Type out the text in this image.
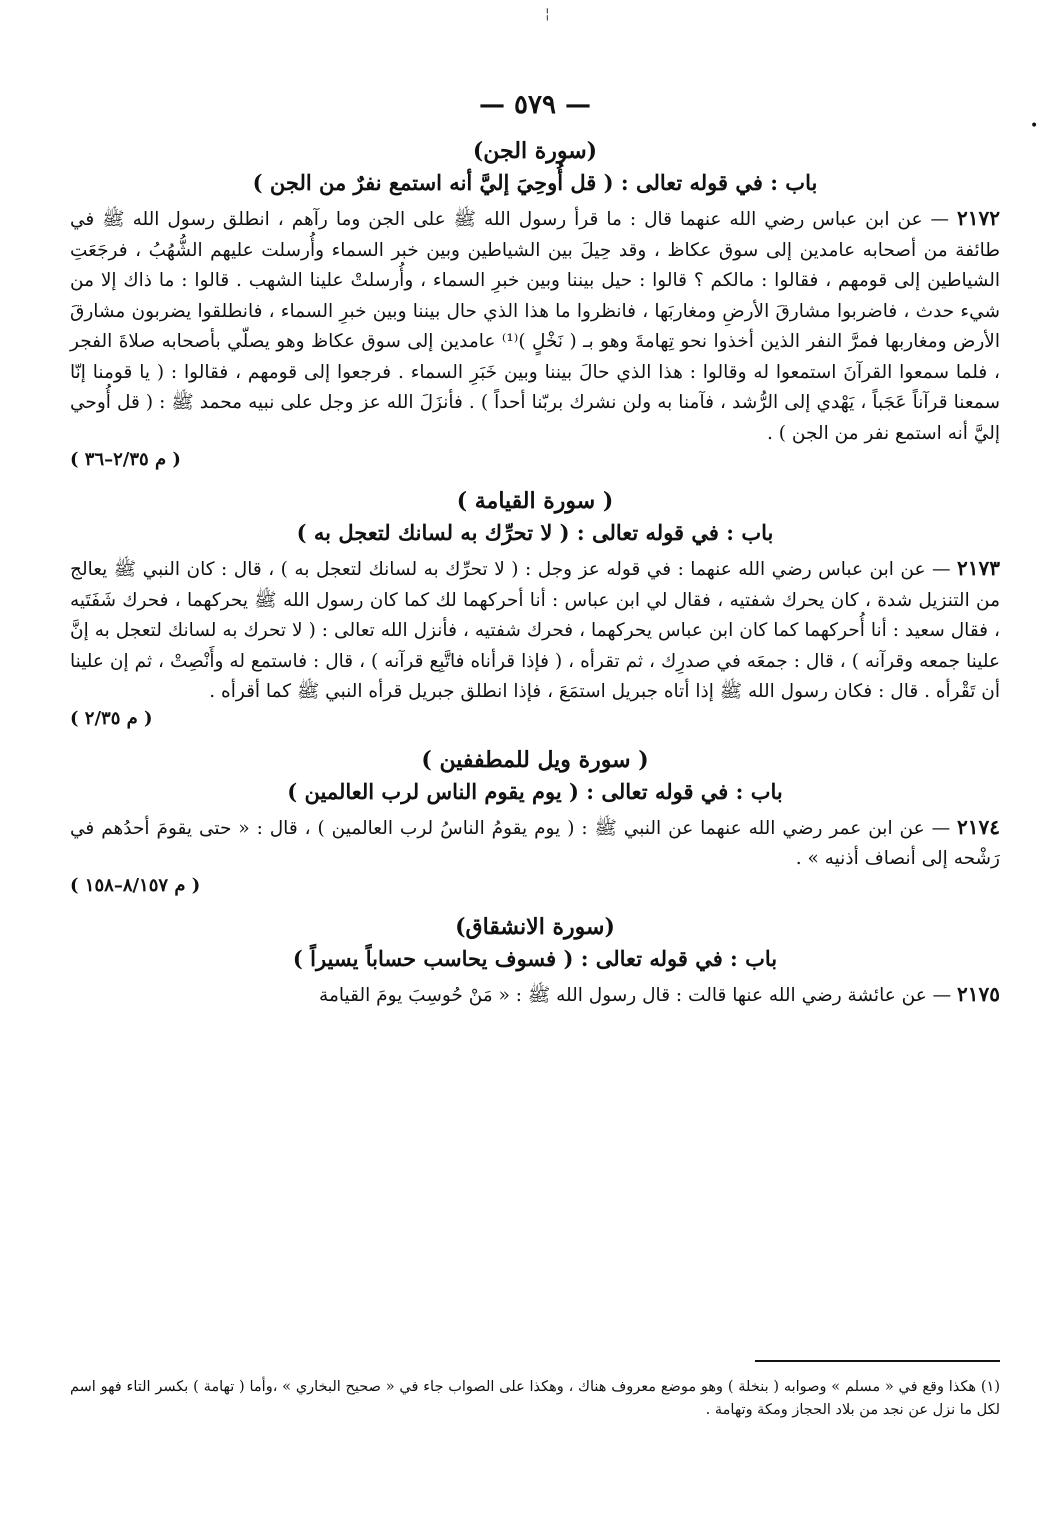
¦
•
— ٥٧٩ —
(سورة الجن)
باب : في قوله تعالى : ( قل أُوحِيَ إليَّ أنه استمع نفرٌ من الجن )

٢١٧٢ — عن ابن عباس رضي الله عنهما قال : ما قرأ رسول الله ﷺ على الجن وما رآهم ، انطلق رسول الله ﷺ في طائفة من أصحابه عامدين إلى سوق عكاظ ، وقد حِيلَ بين الشياطين وبين خبر السماء وأُرسلت عليهم الشُّهُبُ ، فرجَعَتِ الشياطين إلى قومهم ، فقالوا : مالكم ؟ قالوا : حيل بيننا وبين خبرِ السماء ، وأُرسلتْ علينا الشهب . قالوا : ما ذاك إلا من شيء حدث ، فاضربوا مشارقَ الأرضِ ومغاربَها ، فانظروا ما هذا الذي حال بيننا وبين خبرِ السماء ، فانطلقوا يضربون مشارقَ الأرض ومغاربها فمرَّ النفر الذين أخذوا نحو تِهامةَ وهو بـ ( نَخْلٍ )⁽¹⁾ عامدين إلى سوق عكاظ وهو يصلّي بأصحابه صلاةَ الفجر ، فلما سمعوا القرآنَ استمعوا له وقالوا : هذا الذي حالَ بيننا وبين خَبَرِ السماء . فرجعوا إلى قومهم ، فقالوا : ( يا قومنا إنّا سمعنا قرآناً عَجَباً ، يَهْدي إلى الرُّشد ، فآمنا به ولن نشرك بربّنا أحداً ) . فأنزَلَ الله عز وجل على نبيه محمد ﷺ : ( قل أُوحي إليَّ أنه استمع نفر من الجن ) .

( م ٢/٣٥–٣٦ )
( سورة القيامة )
باب : في قوله تعالى : ( لا تحرِّك به لسانك لتعجل به )

٢١٧٣ — عن ابن عباس رضي الله عنهما : في قوله عز وجل : ( لا تحرِّك به لسانك لتعجل به ) ، قال : كان النبي ﷺ يعالج من التنزيل شدة ، كان يحرك شفتيه ، فقال لي ابن عباس : أنا أحركهما لك كما كان رسول الله ﷺ يحركهما ، فحرك شَفَتَيه ، فقال سعيد : أنا أُحركهما كما كان ابن عباس يحركهما ، فحرك شفتيه ، فأنزل الله تعالى : ( لا تحرك به لسانك لتعجل به إنَّ علينا جمعه وقرآنه ) ، قال : جمعَه في صدرِك ، ثم تقرأه ، ( فإذا قرأناه فاتَّبِع قرآنه ) ، قال : فاستمع له وأَنْصِتْ ، ثم إن علينا أن تَقْرأه . قال : فكان رسول الله ﷺ إذا أتاه جبريل استمَعَ ، فإذا انطلق جبريل قرأه النبي ﷺ كما أقرأه .

( م ٢/٣٥ )
( سورة ويل للمطففين )
باب : في قوله تعالى : ( يوم يقوم الناس لرب العالمين )

٢١٧٤ — عن ابن عمر رضي الله عنهما عن النبي ﷺ : ( يوم يقومُ الناسُ لرب العالمين ) ، قال : « حتى يقومَ أحدُهم في رَشْحه إلى أنصاف أذنيه » .

( م ٨/١٥٧–١٥٨ )
(سورة الانشقاق)
باب : في قوله تعالى : ( فسوف يحاسب حساباً يسيراً )

٢١٧٥ — عن عائشة رضي الله عنها قالت : قال رسول الله ﷺ : « مَنْ حُوسِبَ يومَ القيامة

(١) هكذا وقع في « مسلم » وصوابه ( بنخلة ) وهو موضع معروف هناك ، وهكذا على الصواب جاء في « صحيح البخاري » ،وأما ( تهامة ) بكسر التاء فهو اسم لكل ما نزل عن نجد من بلاد الحجاز ومكة وتهامة .
